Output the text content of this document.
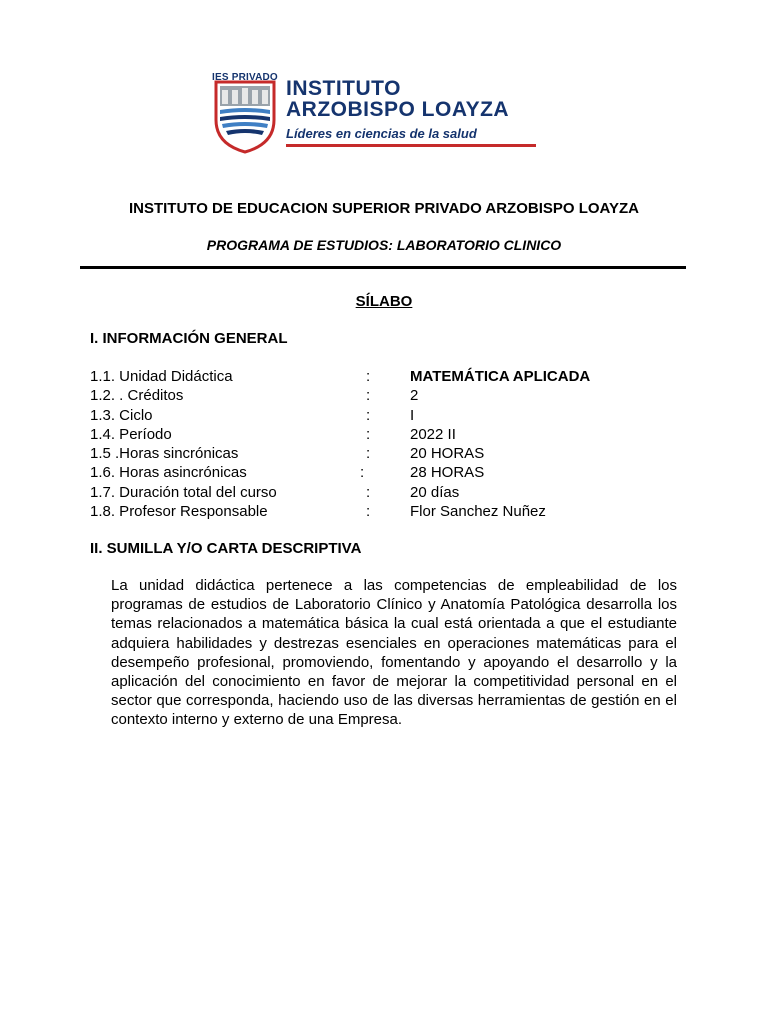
IES PRIVADO INSTITUTO
ARZOBISPO LOAYZA
Líderes en ciencias de la salud
INSTITUTO DE EDUCACION SUPERIOR PRIVADO ARZOBISPO LOAYZA
PROGRAMA DE ESTUDIOS: LABORATORIO CLINICO
SÍLABO
I. INFORMACIÓN GENERAL
1.1. Unidad Didáctica	:	MATEMÁTICA APLICADA
1.2. . Créditos	:	2
1.3. Ciclo	:	I
1.4. Período	:	2022 II
1.5 .Horas sincrónicas	:	20 HORAS
1.6. Horas asincrónicas	:	28 HORAS
1.7. Duración total del curso	:	20 días
1.8. Profesor Responsable	:	Flor Sanchez Nuñez
II. SUMILLA Y/O CARTA DESCRIPTIVA
La unidad didáctica pertenece a las competencias de empleabilidad de los programas de estudios de Laboratorio Clínico y Anatomía Patológica desarrolla los temas relacionados a matemática básica la cual está orientada a que el estudiante adquiera habilidades y destrezas esenciales en operaciones matemáticas para el desempeño profesional, promoviendo, fomentando y apoyando el desarrollo y la aplicación del conocimiento en favor de mejorar la competitividad personal en el sector que corresponda, haciendo uso de las diversas herramientas de gestión en el contexto interno y externo de una Empresa.
